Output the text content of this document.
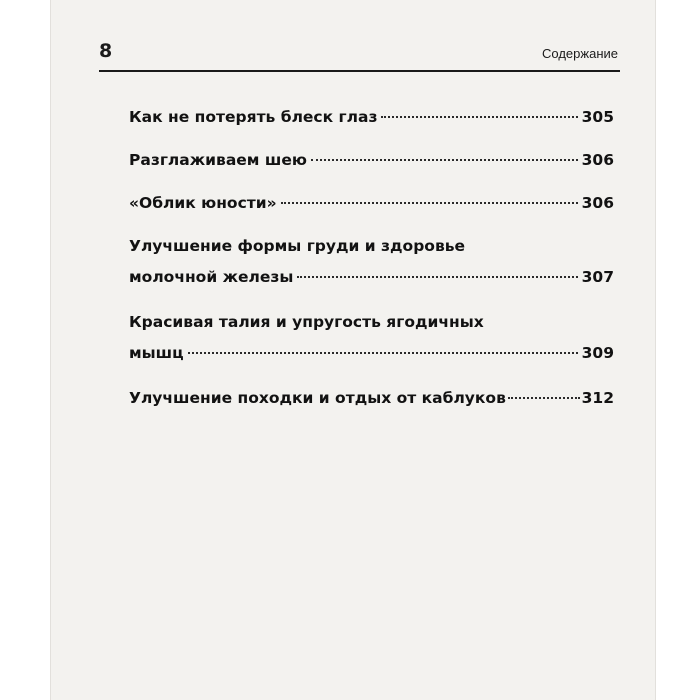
8	Содержание
Как не потерять блеск глаз	305
Разглаживаем шею	306
«Облик юности»	306
Улучшение формы груди и здоровье
молочной железы	307
Красивая талия и упругость ягодичных
мышц	309
Улучшение походки и отдых от каблуков	312
